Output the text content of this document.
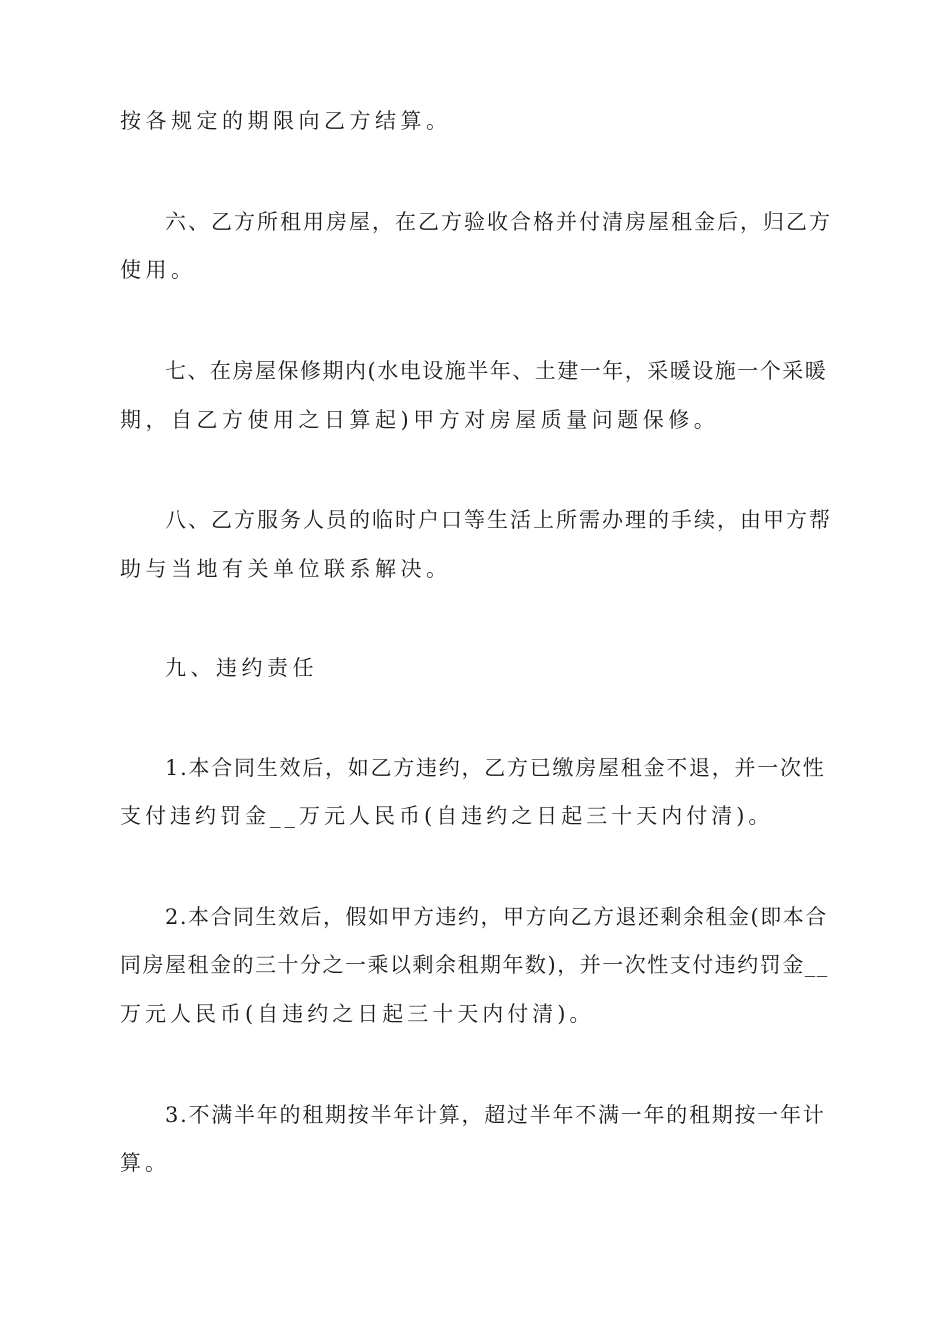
按各规定的期限向乙方结算。
六、乙方所租用房屋，在乙方验收合格并付清房屋租金后，归乙方
使用。
七、在房屋保修期内(水电设施半年、土建一年，采暖设施一个采暖
期，自乙方使用之日算起)甲方对房屋质量问题保修。
八、乙方服务人员的临时户口等生活上所需办理的手续，由甲方帮
助与当地有关单位联系解决。
九、违约责任
1.本合同生效后，如乙方违约，乙方已缴房屋租金不退，并一次性
支付违约罚金__万元人民币(自违约之日起三十天内付清)。
2.本合同生效后，假如甲方违约，甲方向乙方退还剩余租金(即本合
同房屋租金的三十分之一乘以剩余租期年数)，并一次性支付违约罚金__
万元人民币(自违约之日起三十天内付清)。
3.不满半年的租期按半年计算，超过半年不满一年的租期按一年计
算。
